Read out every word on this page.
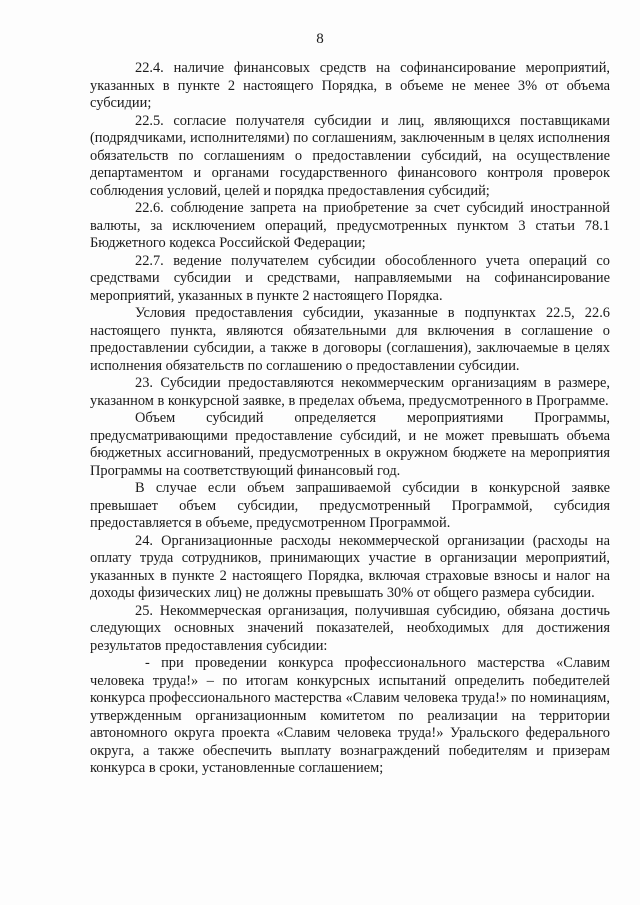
8

22.4. наличие финансовых средств на софинансирование мероприятий, указанных в пункте 2 настоящего Порядка, в объеме не менее 3% от объема субсидии;

22.5. согласие получателя субсидии и лиц, являющихся поставщиками (подрядчиками, исполнителями) по соглашениям, заключенным в целях исполнения обязательств по соглашениям о предоставлении субсидий, на осуществление департаментом и органами государственного финансового контроля проверок соблюдения условий, целей и порядка предоставления субсидий;

22.6. соблюдение запрета на приобретение за счет субсидий иностранной валюты, за исключением операций, предусмотренных пунктом 3 статьи 78.1 Бюджетного кодекса Российской Федерации;

22.7. ведение получателем субсидии обособленного учета операций со средствами субсидии и средствами, направляемыми на софинансирование мероприятий, указанных в пункте 2 настоящего Порядка.

Условия предоставления субсидии, указанные в подпунктах 22.5, 22.6 настоящего пункта, являются обязательными для включения в соглашение о предоставлении субсидии, а также в договоры (соглашения), заключаемые в целях исполнения обязательств по соглашению о предоставлении субсидии.

23. Субсидии предоставляются некоммерческим организациям в размере, указанном в конкурсной заявке, в пределах объема, предусмотренного в Программе.

Объем субсидий определяется мероприятиями Программы, предусматривающими предоставление субсидий, и не может превышать объема бюджетных ассигнований, предусмотренных в окружном бюджете на мероприятия Программы на соответствующий финансовый год.

В случае если объем запрашиваемой субсидии в конкурсной заявке превышает объем субсидии, предусмотренный Программой, субсидия предоставляется в объеме, предусмотренном Программой.

24. Организационные расходы некоммерческой организации (расходы на оплату труда сотрудников, принимающих участие в организации мероприятий, указанных в пункте 2 настоящего Порядка, включая страховые взносы и налог на доходы физических лиц) не должны превышать 30% от общего размера субсидии.

25. Некоммерческая организация, получившая субсидию, обязана достичь следующих основных значений показателей, необходимых для достижения результатов предоставления субсидии:

- при проведении конкурса профессионального мастерства «Славим человека труда!» – по итогам конкурсных испытаний определить победителей конкурса профессионального мастерства «Славим человека труда!» по номинациям, утвержденным организационным комитетом по реализации на территории автономного округа проекта «Славим человека труда!» Уральского федерального округа, а также обеспечить выплату вознаграждений победителям и призерам конкурса в сроки, установленные соглашением;
